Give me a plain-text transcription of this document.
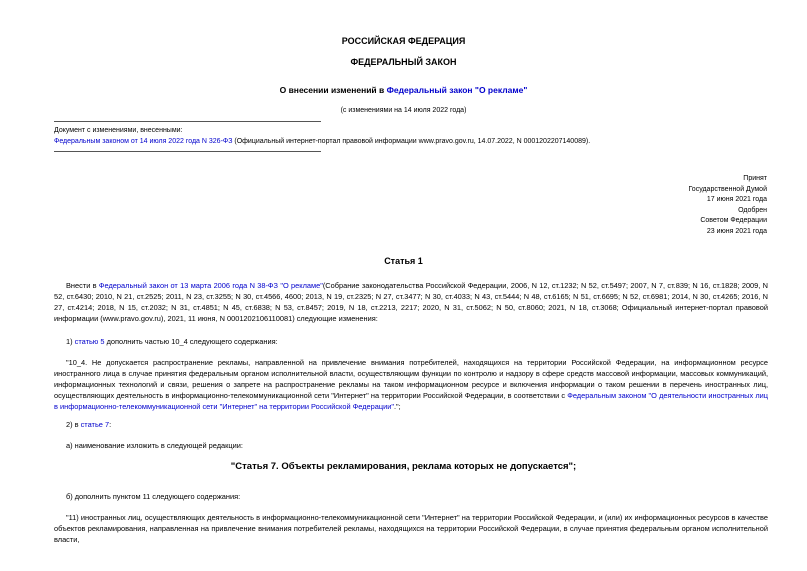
РОССИЙСКАЯ ФЕДЕРАЦИЯ
ФЕДЕРАЛЬНЫЙ ЗАКОН
О внесении изменений в Федеральный закон "О рекламе"
(с изменениями на 14 июля 2022 года)
Документ с изменениями, внесенными:
Федеральным законом от 14 июля 2022 года N 326-ФЗ (Официальный интернет-портал правовой информации www.pravo.gov.ru, 14.07.2022, N 0001202207140089).
Принят
Государственной Думой
17 июня 2021 года
Одобрен
Советом Федерации
23 июня 2021 года
Статья 1
Внести в Федеральный закон от 13 марта 2006 года N 38-ФЗ "О рекламе"(Собрание законодательства Российской Федерации, 2006, N 12, ст.1232; N 52, ст.5497; 2007, N 7, ст.839; N 16, ст.1828; 2009, N 52, ст.6430; 2010, N 21, ст.2525; 2011, N 23, ст.3255; N 30, ст.4566, 4600; 2013, N 19, ст.2325; N 27, ст.3477; N 30, ст.4033; N 43, ст.5444; N 48, ст.6165; N 51, ст.6695; N 52, ст.6981; 2014, N 30, ст.4265; 2016, N 27, ст.4214; 2018, N 15, ст.2032; N 31, ст.4851; N 45, ст.6838; N 53, ст.8457; 2019, N 18, ст.2213, 2217; 2020, N 31, ст.5062; N 50, ст.8060; 2021, N 18, ст.3068; Официальный интернет-портал правовой информации (www.pravo.gov.ru), 2021, 11 июня, N 0001202106110081) следующие изменения:
1) статью 5 дополнить частью 10_4 следующего содержания:
"10_4. Не допускается распространение рекламы, направленной на привлечение внимания потребителей, находящихся на территории Российской Федерации, на информационном ресурсе иностранного лица в случае принятия федеральным органом исполнительной власти, осуществляющим функции по контролю и надзору в сфере средств массовой информации, массовых коммуникаций, информационных технологий и связи, решения о запрете на распространение рекламы на таком информационном ресурсе и включения информации о таком решении в перечень иностранных лиц, осуществляющих деятельность в информационно-телекоммуникационной сети "Интернет" на территории Российской Федерации, в соответствии с Федеральным законом "О деятельности иностранных лиц в информационно-телекоммуникационной сети "Интернет" на территории Российской Федерации".";
2) в статье 7:
а) наименование изложить в следующей редакции:
"Статья 7. Объекты рекламирования, реклама которых не допускается";
б) дополнить пунктом 11 следующего содержания:
"11) иностранных лиц, осуществляющих деятельность в информационно-телекоммуникационной сети "Интернет" на территории Российской Федерации, и (или) их информационных ресурсов в качестве объектов рекламирования, направленная на привлечение внимания потребителей рекламы, находящихся на территории Российской Федерации, в случае принятия федеральным органом исполнительной власти,
